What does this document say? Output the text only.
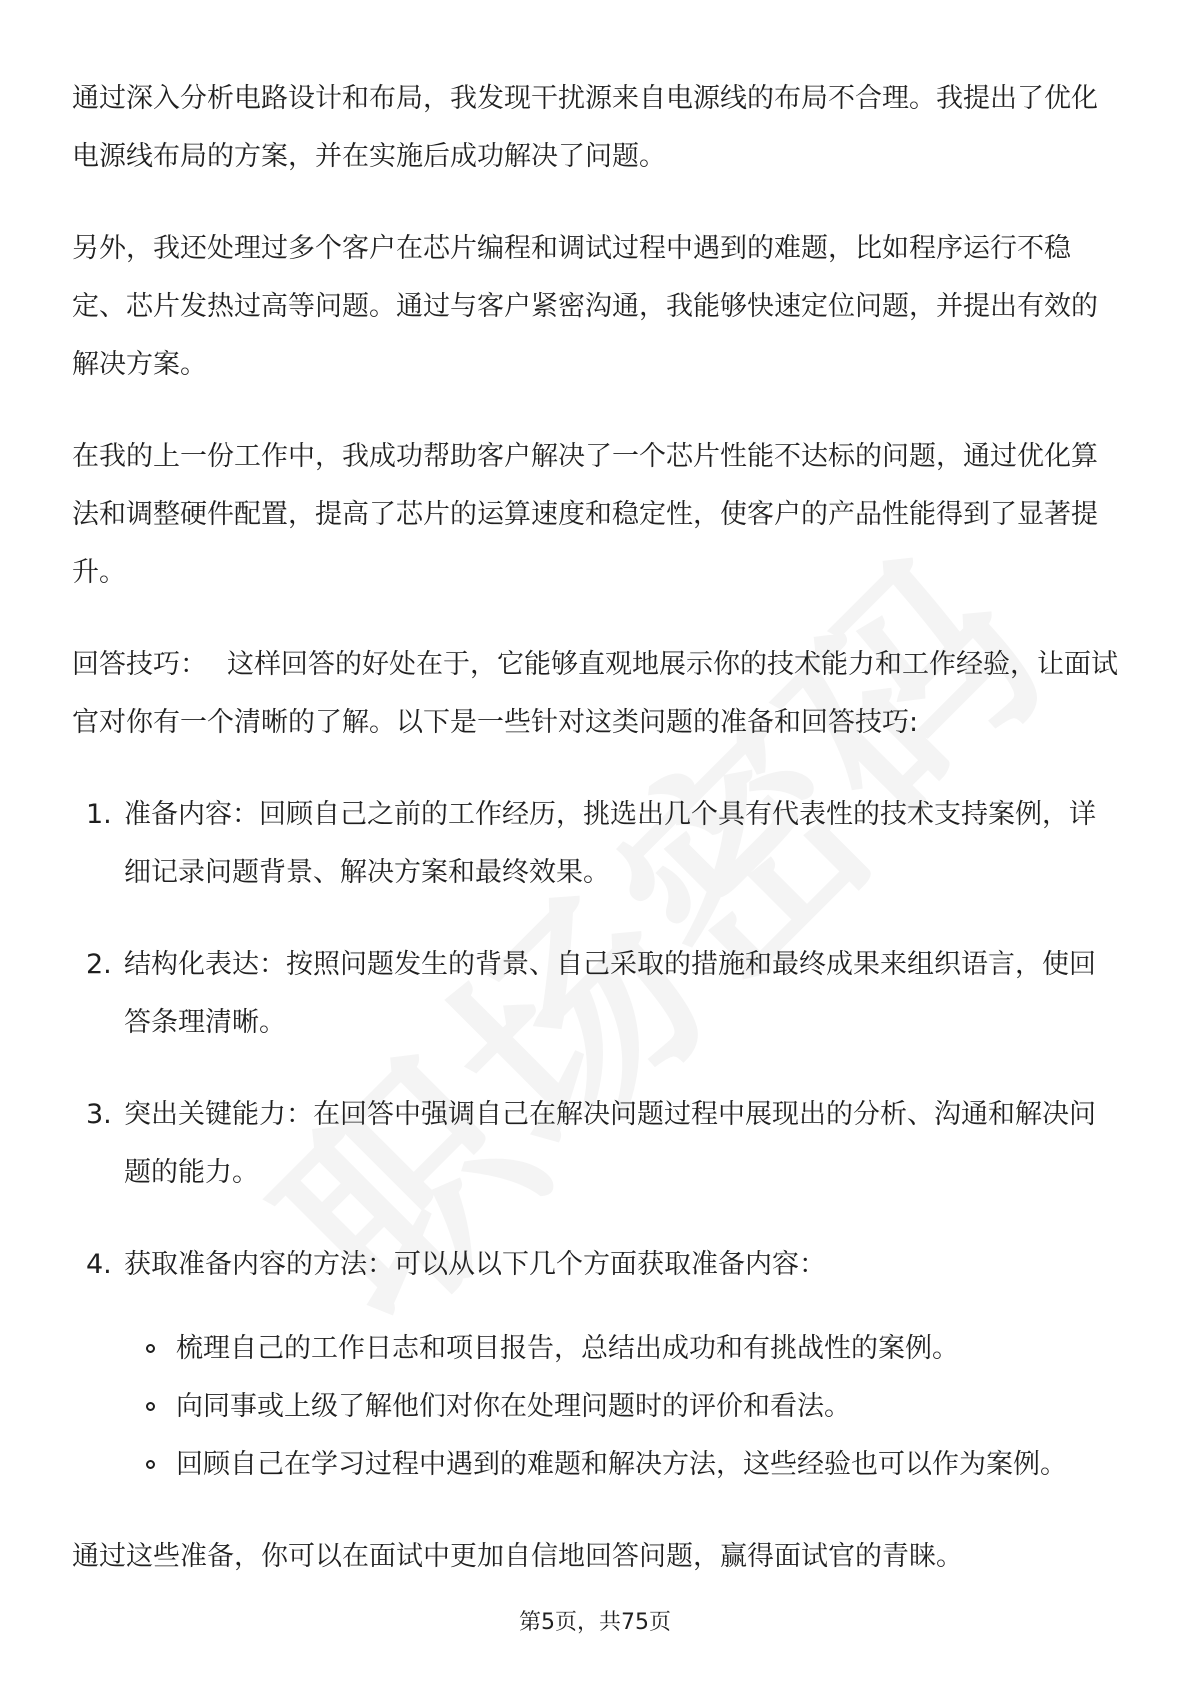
通过深入分析电路设计和布局，我发现干扰源来自电源线的布局不合理。我提出了优化电源线布局的方案，并在实施后成功解决了问题。

另外，我还处理过多个客户在芯片编程和调试过程中遇到的难题，比如程序运行不稳定、芯片发热过高等问题。通过与客户紧密沟通，我能够快速定位问题，并提出有效的解决方案。

在我的上一份工作中，我成功帮助客户解决了一个芯片性能不达标的问题，通过优化算法和调整硬件配置，提高了芯片的运算速度和稳定性，使客户的产品性能得到了显著提升。

回答技巧： 这样回答的好处在于，它能够直观地展示你的技术能力和工作经验，让面试官对你有一个清晰的了解。以下是一些针对这类问题的准备和回答技巧:

1. 准备内容：回顾自己之前的工作经历，挑选出几个具有代表性的技术支持案例，详细记录问题背景、解决方案和最终效果。
2. 结构化表达：按照问题发生的背景、自己采取的措施和最终成果来组织语言，使回答条理清晰。
3. 突出关键能力：在回答中强调自己在解决问题过程中展现出的分析、沟通和解决问题的能力。
4. 获取准备内容的方法：可以从以下几个方面获取准备内容：
梳理自己的工作日志和项目报告，总结出成功和有挑战性的案例。
向同事或上级了解他们对你在处理问题时的评价和看法。
回顾自己在学习过程中遇到的难题和解决方法，这些经验也可以作为案例。

通过这些准备，你可以在面试中更加自信地回答问题，赢得面试官的青睐。

第5页，共75页
